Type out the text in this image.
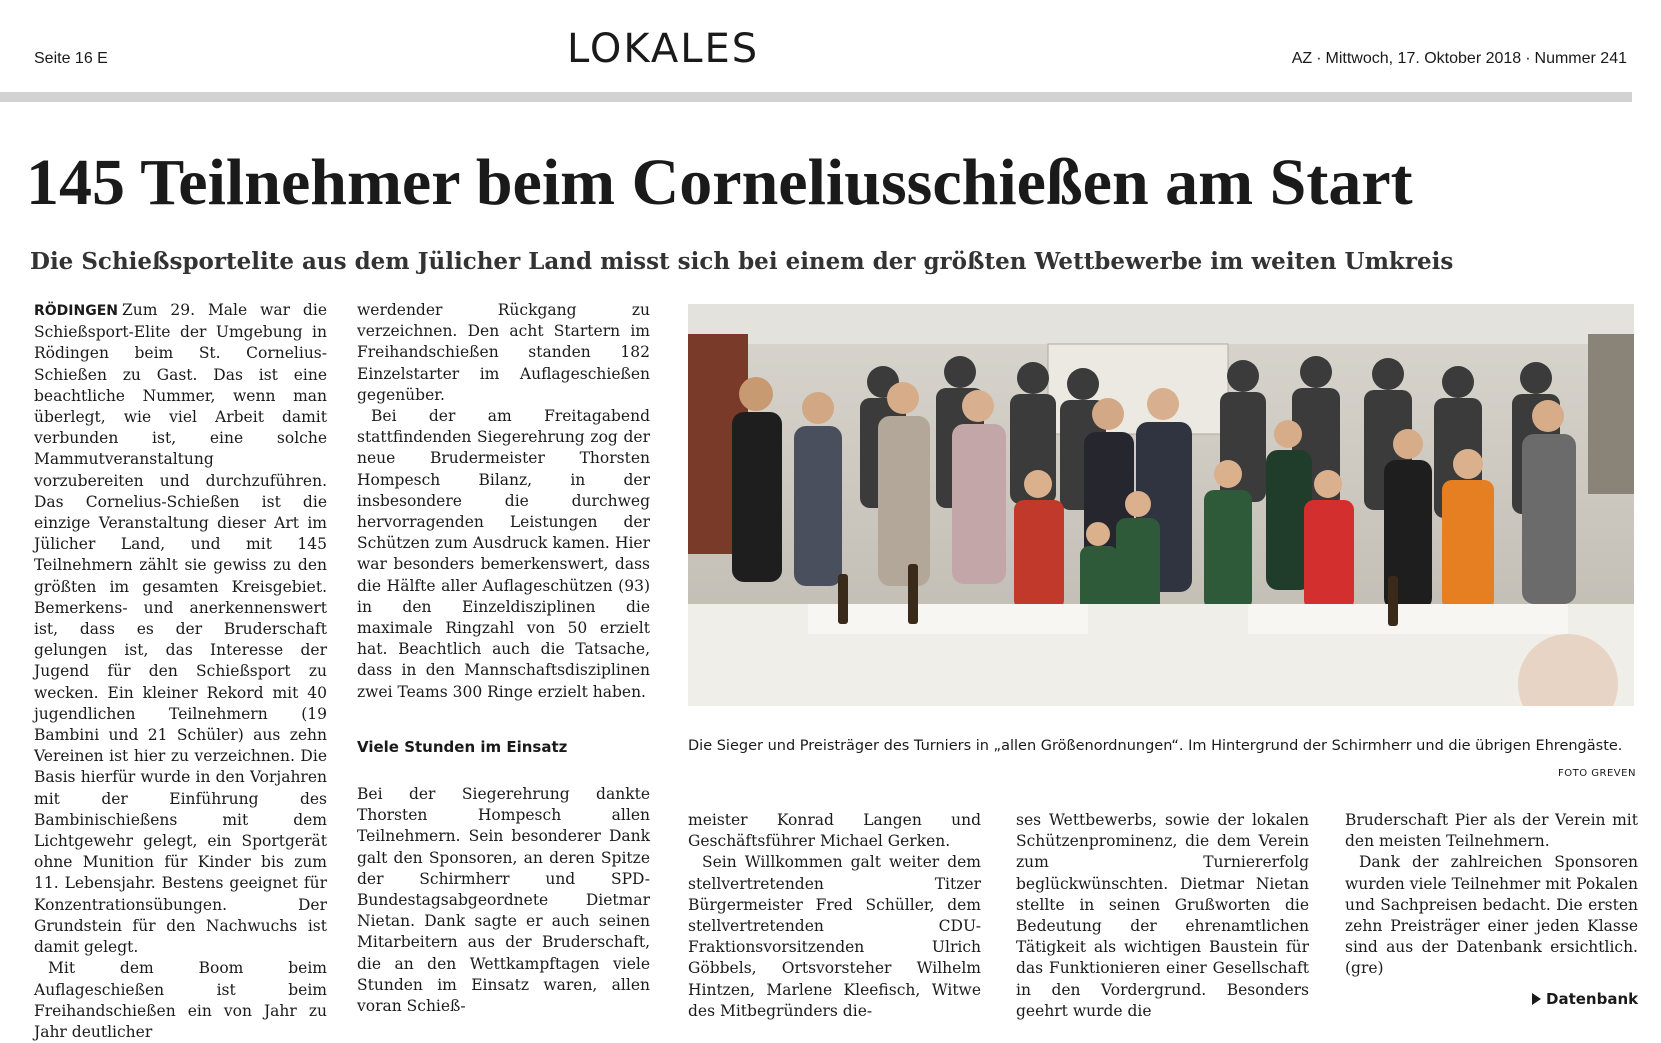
Seite 16 E	LOKALES	AZ · Mittwoch, 17. Oktober 2018 · Nummer 241
145 Teilnehmer beim Corneliusschießen am Start
Die Schießsportelite aus dem Jülicher Land misst sich bei einem der größten Wettbewerbe im weiten Umkreis

RÖDINGEN Zum 29. Male war die Schießsport-Elite der Umgebung in Rödingen beim St. Cornelius-Schießen zu Gast. Das ist eine beachtliche Nummer, wenn man überlegt, wie viel Arbeit damit verbunden ist, eine solche Mammutveranstaltung vorzubereiten und durchzuführen. Das Cornelius-Schießen ist die einzige Veranstaltung dieser Art im Jülicher Land, und mit 145 Teilnehmern zählt sie gewiss zu den größten im gesamten Kreisgebiet. Bemerkens- und anerkennenswert ist, dass es der Bruderschaft gelungen ist, das Interesse der Jugend für den Schießsport zu wecken. Ein kleiner Rekord mit 40 jugendlichen Teilnehmern (19 Bambini und 21 Schüler) aus zehn Vereinen ist hier zu verzeichnen. Die Basis hierfür wurde in den Vorjahren mit der Einführung des Bambinischießens mit dem Lichtgewehr gelegt, ein Sportgerät ohne Munition für Kinder bis zum 11. Lebensjahr. Bestens geeignet für Konzentrationsübungen. Der Grundstein für den Nachwuchs ist damit gelegt.

Mit dem Boom beim Auflageschießen ist beim Freihandschießen ein von Jahr zu Jahr deutlicher

werdender Rückgang zu verzeichnen. Den acht Startern im Freihandschießen standen 182 Einzelstarter im Auflageschießen gegenüber.

Bei der am Freitagabend stattfindenden Siegerehrung zog der neue Brudermeister Thorsten Hompesch Bilanz, in der insbesondere die durchweg hervorragenden Leistungen der Schützen zum Ausdruck kamen. Hier war besonders bemerkenswert, dass die Hälfte aller Auflageschützen (93) in den Einzeldisziplinen die maximale Ringzahl von 50 erzielt hat. Beachtlich auch die Tatsache, dass in den Mannschaftsdisziplinen zwei Teams 300 Ringe erzielt haben.

Viele Stunden im Einsatz

Bei der Siegerehrung dankte Thorsten Hompesch allen Teilnehmern. Sein besonderer Dank galt den Sponsoren, an deren Spitze der Schirmherr und SPD-Bundestagsabgeordnete Dietmar Nietan. Dank sagte er auch seinen Mitarbeitern aus der Bruderschaft, die an den Wettkampftagen viele Stunden im Einsatz waren, allen voran Schieß-

Die Sieger und Preisträger des Turniers in „allen Größenordnungen“. Im Hintergrund der Schirmherr und die übrigen Ehrengäste.

FOTO GREVEN

meister Konrad Langen und Geschäftsführer Michael Gerken.

Sein Willkommen galt weiter dem stellvertretenden Titzer Bürgermeister Fred Schüller, dem stellvertretenden CDU-Fraktionsvorsitzenden Ulrich Göbbels, Ortsvorsteher Wilhelm Hintzen, Marlene Kleefisch, Witwe des Mitbegründers die-

ses Wettbewerbs, sowie der lokalen Schützenprominenz, die dem Verein zum Turniererfolg beglückwünschten. Dietmar Nietan stellte in seinen Grußworten die Bedeutung der ehrenamtlichen Tätigkeit als wichtigen Baustein für das Funktionieren einer Gesellschaft in den Vordergrund. Besonders geehrt wurde die

Bruderschaft Pier als der Verein mit den meisten Teilnehmern.

Dank der zahlreichen Sponsoren wurden viele Teilnehmer mit Pokalen und Sachpreisen bedacht. Die ersten zehn Preisträger einer jeden Klasse sind aus der Datenbank ersichtlich. (gre)

Datenbank
